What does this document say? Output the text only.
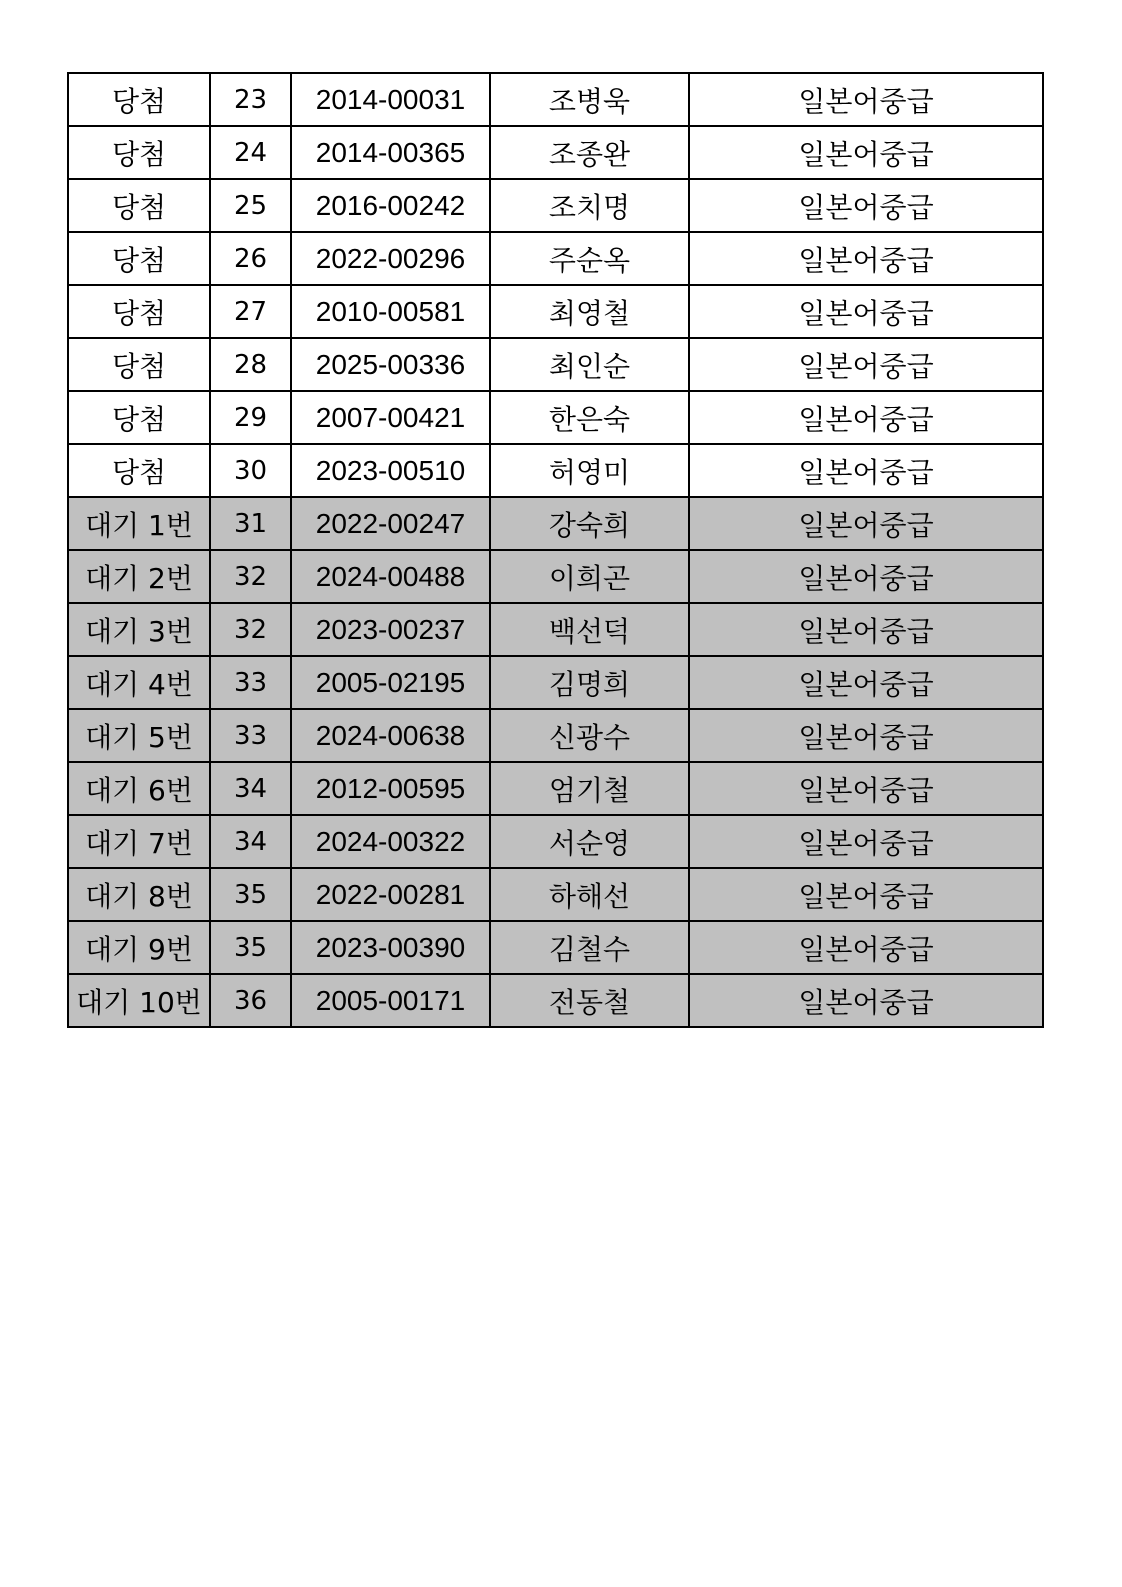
당첨	23	2014-00031	조병욱	일본어중급
당첨	24	2014-00365	조종완	일본어중급
당첨	25	2016-00242	조치명	일본어중급
당첨	26	2022-00296	주순옥	일본어중급
당첨	27	2010-00581	최영철	일본어중급
당첨	28	2025-00336	최인순	일본어중급
당첨	29	2007-00421	한은숙	일본어중급
당첨	30	2023-00510	허영미	일본어중급
대기 1번	31	2022-00247	강숙희	일본어중급
대기 2번	32	2024-00488	이희곤	일본어중급
대기 3번	32	2023-00237	백선덕	일본어중급
대기 4번	33	2005-02195	김명희	일본어중급
대기 5번	33	2024-00638	신광수	일본어중급
대기 6번	34	2012-00595	엄기철	일본어중급
대기 7번	34	2024-00322	서순영	일본어중급
대기 8번	35	2022-00281	하해선	일본어중급
대기 9번	35	2023-00390	김철수	일본어중급
대기 10번	36	2005-00171	전동철	일본어중급
